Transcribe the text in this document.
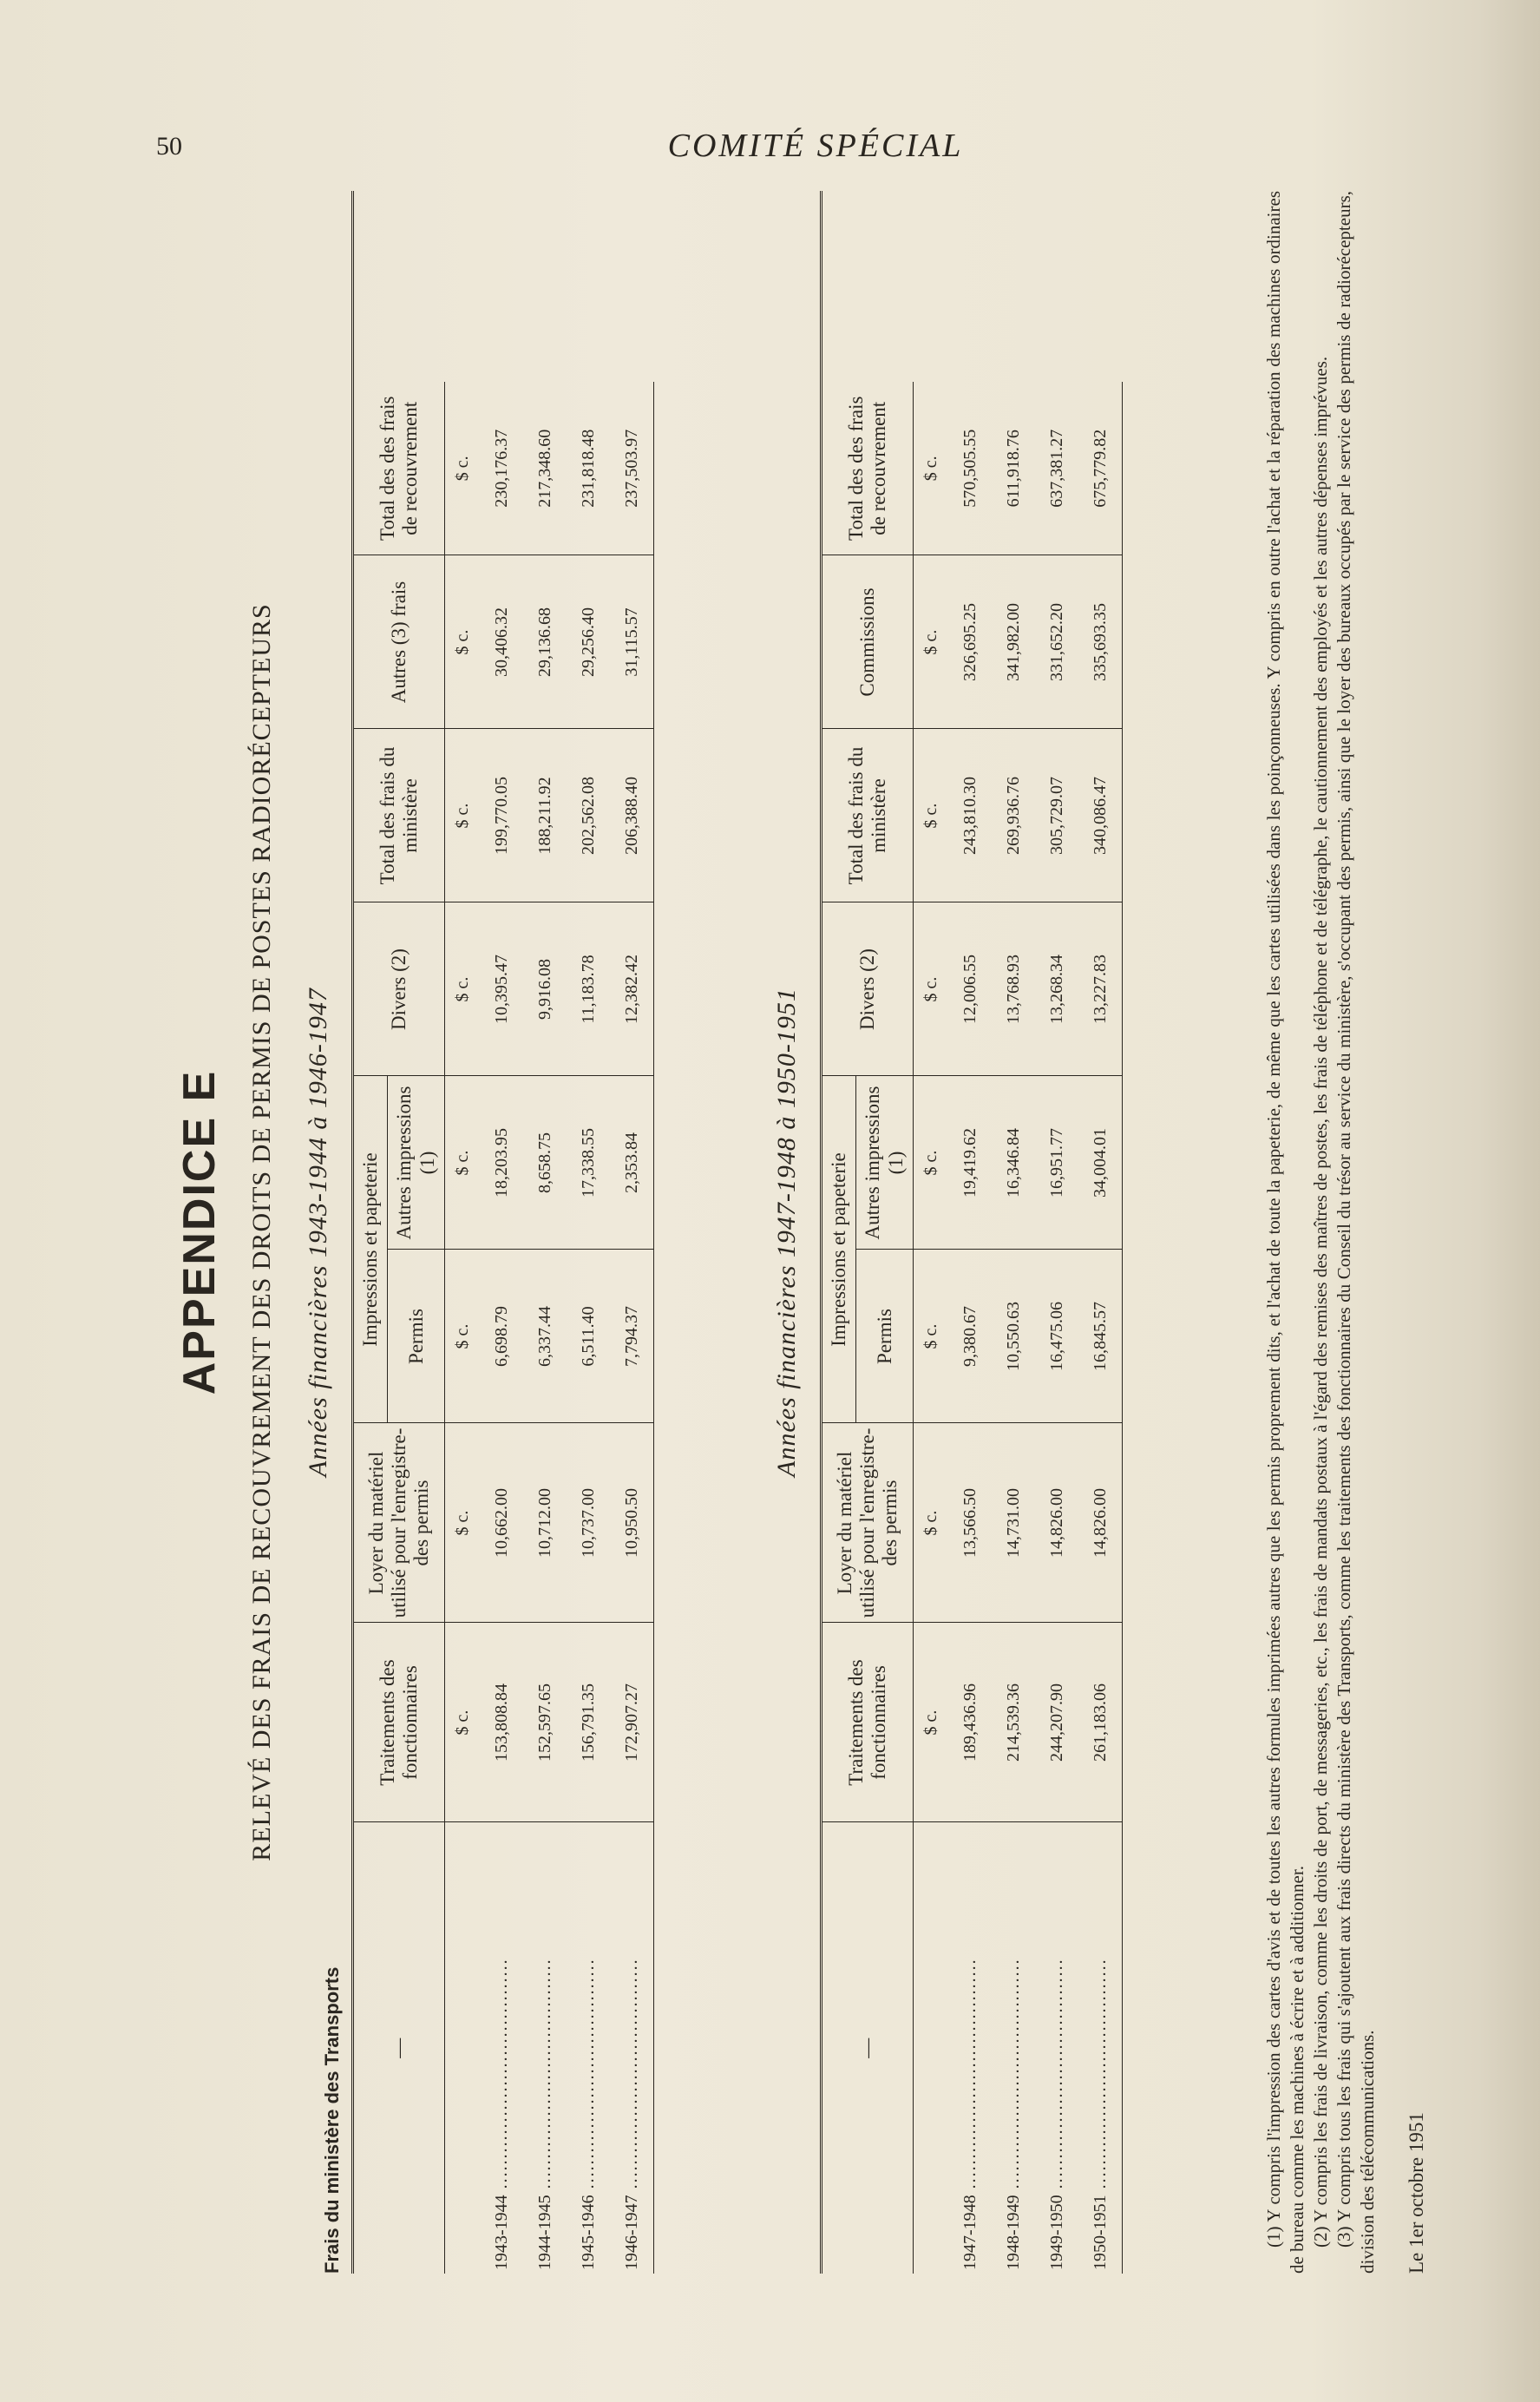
50	COMITÉ SPÉCIAL
APPENDICE E RELEVÉ DES FRAIS DE RECOUVREMENT DES DROITS DE PERMIS DE POSTES RADIORÉCEPTEURS
Frais du ministère des Transports
Années financières 1943-1944 à 1946-1947
—	Traitements des fonctionnaires	Loyer du matériel utilisé pour l'enregistre-des permis	Impressions et papeterie		Divers (2)	Total des frais du ministère	Autres (3) frais	Total des des frais de recouvrement
			Permis	Autres impressions (1)				
	$ c.	$ c.	$ c.	$ c.	$ c.	$ c.	$ c.	$ c.
1943-1944 ......................................	153,808.84	10,662.00	6,698.79	18,203.95	10,395.47	199,770.05	30,406.32	230,176.37
1944-1945 ......................................	152,597.65	10,712.00	6,337.44	8,658.75	9,916.08	188,211.92	29,136.68	217,348.60
1945-1946 ......................................	156,791.35	10,737.00	6,511.40	17,338.55	11,183.78	202,562.08	29,256.40	231,818.48
1946-1947 ......................................	172,907.27	10,950.50	7,794.37	2,353.84	12,382.42	206,388.40	31,115.57	237,503.97
Années financières 1947-1948 à 1950-1951
—	Traitements des fonctionnaires	Loyer du matériel utilisé pour l'enregistre-des permis	Impressions et papeterie		Divers (2)	Total des frais du ministère	Commissions	Total des des frais de recouvrement
			Permis	Autres impressions (1)				
	$ c.	$ c.	$ c.	$ c.	$ c.	$ c.	$ c.	$ c.
1947-1948 ......................................	189,436.96	13,566.50	9,380.67	19,419.62	12,006.55	243,810.30	326,695.25	570,505.55
1948-1949 ......................................	214,539.36	14,731.00	10,550.63	16,346.84	13,768.93	269,936.76	341,982.00	611,918.76
1949-1950 ......................................	244,207.90	14,826.00	16,475.06	16,951.77	13,268.34	305,729.07	331,652.20	637,381.27
1950-1951 ......................................	261,183.06	14,826.00	16,845.57	34,004.01	13,227.83	340,086.47	335,693.35	675,779.82	(1) Y compris l'impression des cartes d'avis et de toutes les autres formules imprimées autres que les permis proprement dits, et l'achat de toute la papeterie, de même que les cartes utilisées dans les poinçonneuses. Y compris en outre l'achat et la réparation des machines ordinaires de bureau comme les machines à écrire et à additionner. (2) Y compris les frais de livraison, comme les droits de port, de messageries, etc., les frais de mandats postaux à l'égard des remises des maîtres de postes, les frais de téléphone et de télégraphe, le cautionnement des employés et les autres dépenses imprévues. (3) Y compris tous les frais qui s'ajoutent aux frais directs du ministère des Transports, comme les traitements des fonctionnaires du Conseil du trésor au service du ministère, s'occupant des permis, ainsi que le loyer des bureaux occupés par le service des permis de radiorécepteurs, division des télécommunications. Le 1er octobre 1951
